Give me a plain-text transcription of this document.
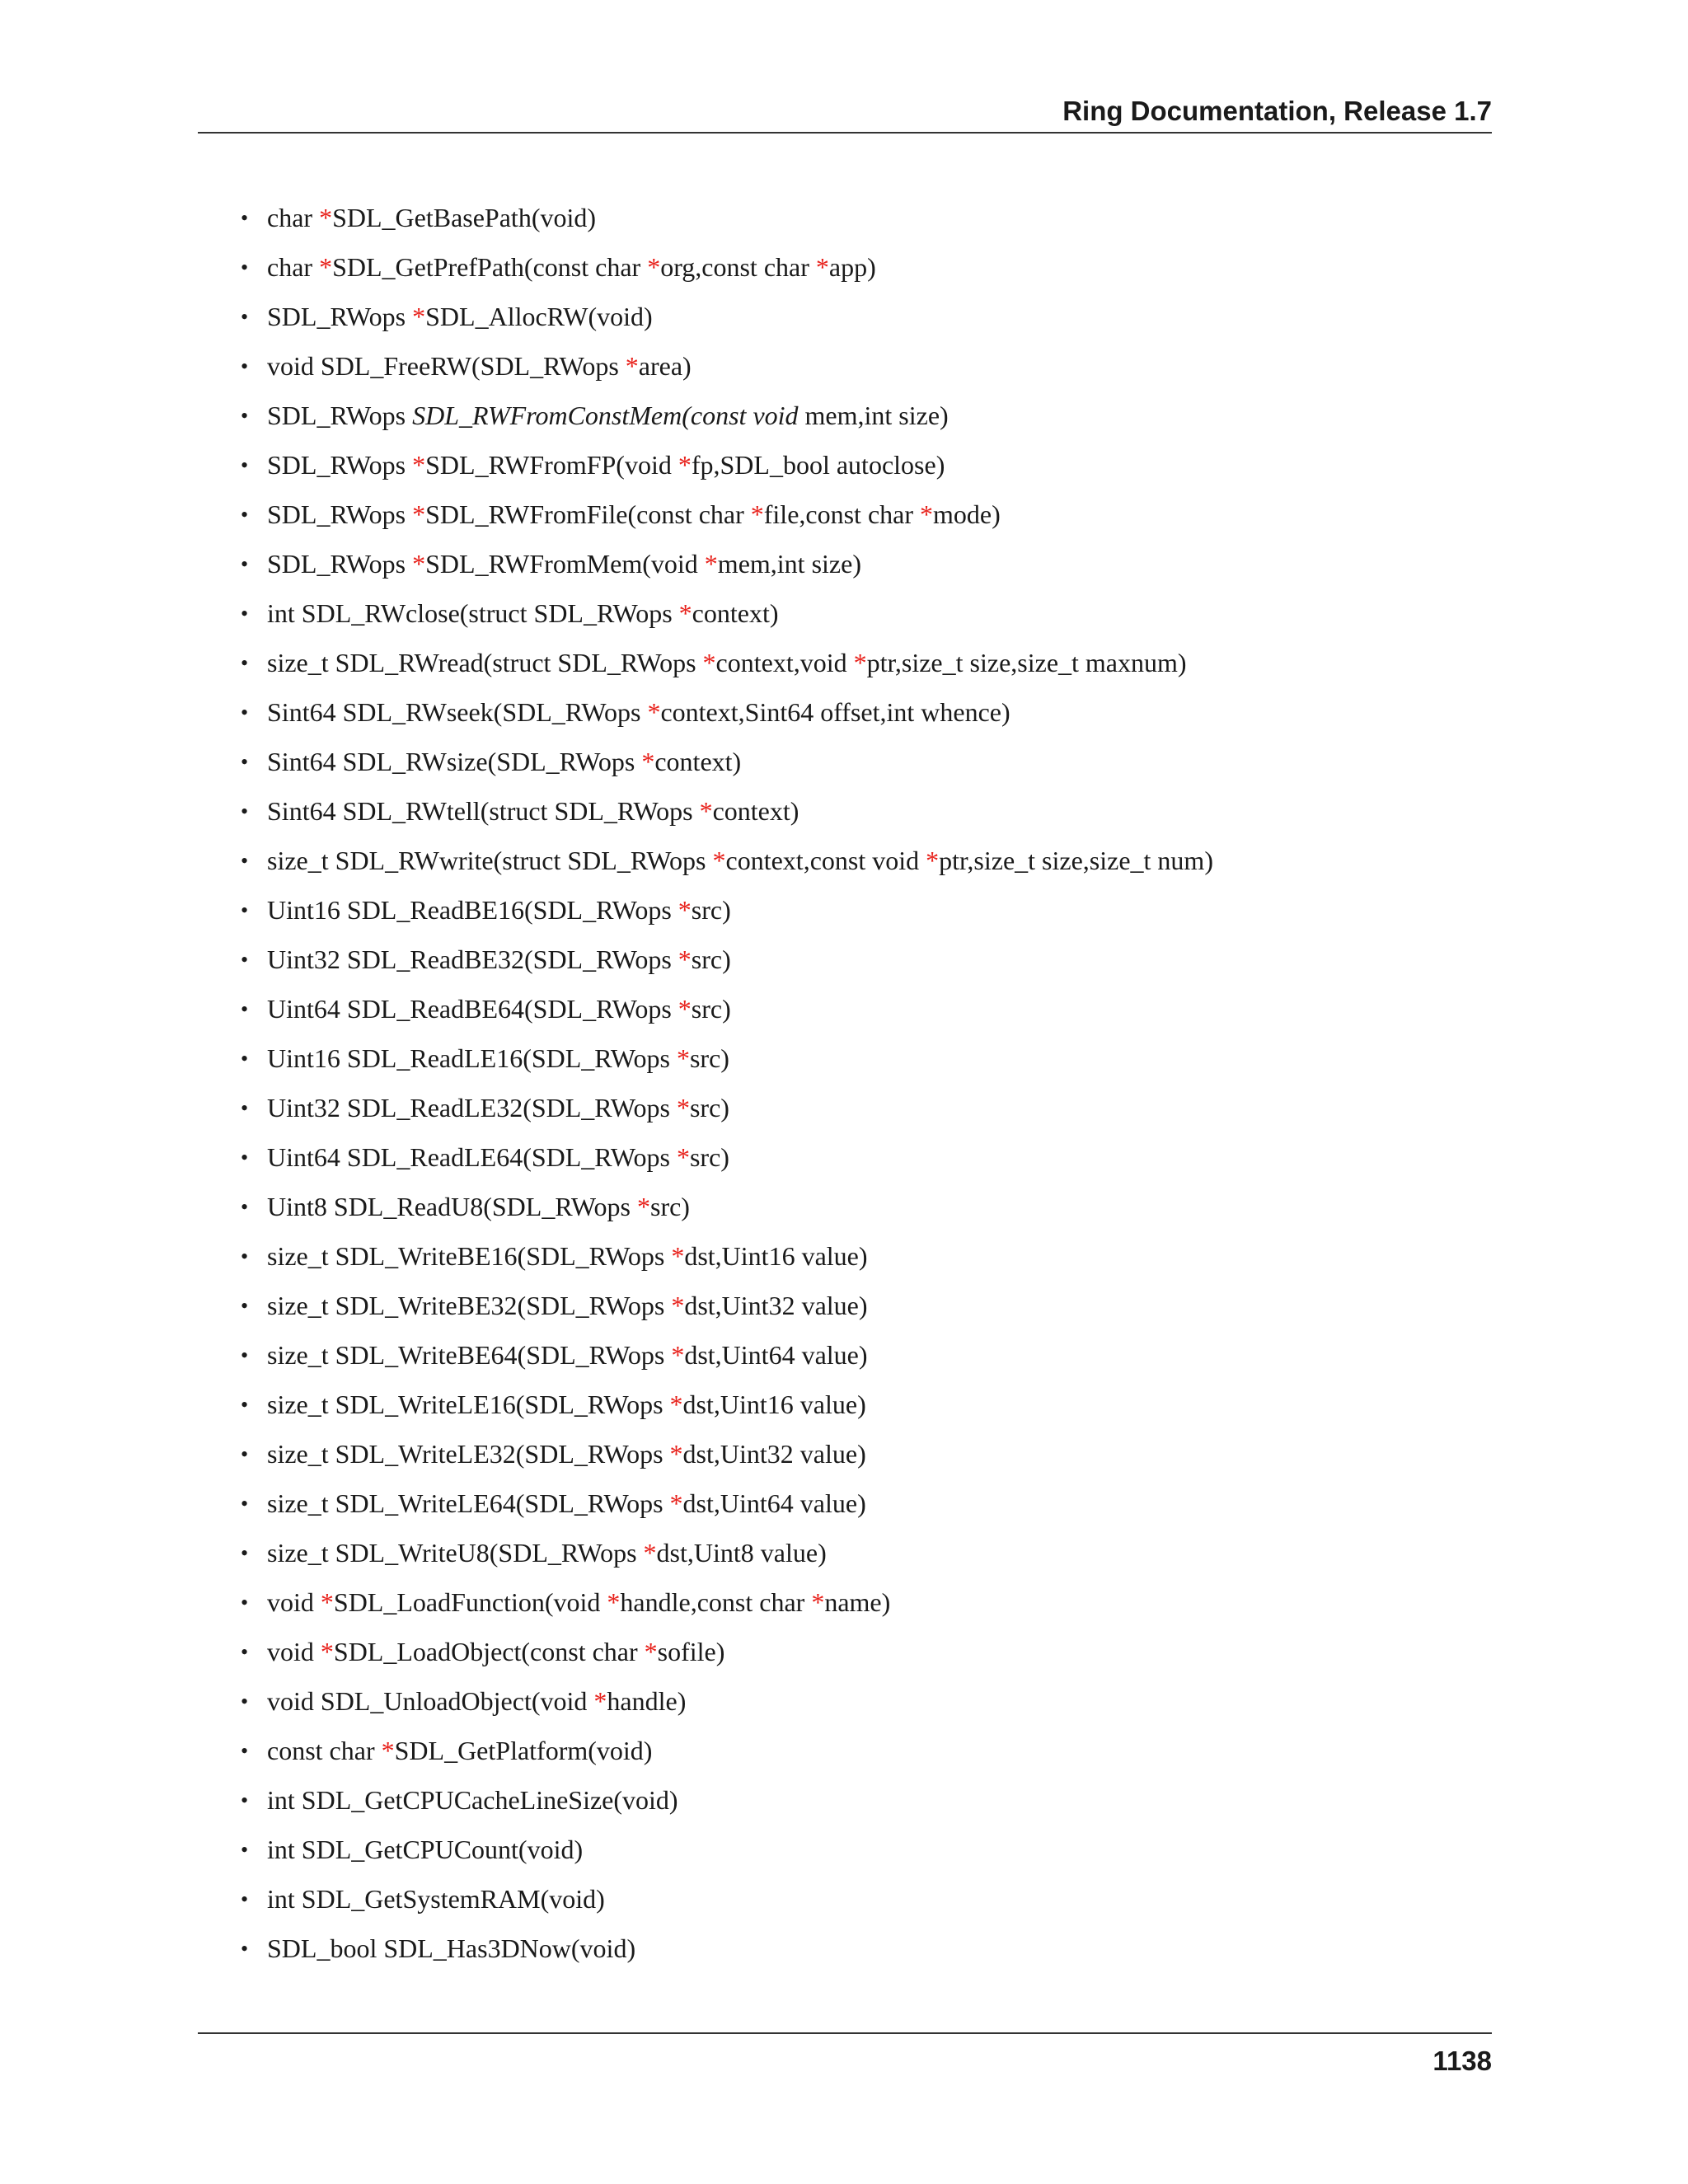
Ring Documentation, Release 1.7
• char *SDL_GetBasePath(void)
• char *SDL_GetPrefPath(const char *org,const char *app)
• SDL_RWops *SDL_AllocRW(void)
• void SDL_FreeRW(SDL_RWops *area)
• SDL_RWops SDL_RWFromConstMem(const void mem,int size)
• SDL_RWops *SDL_RWFromFP(void *fp,SDL_bool autoclose)
• SDL_RWops *SDL_RWFromFile(const char *file,const char *mode)
• SDL_RWops *SDL_RWFromMem(void *mem,int size)
• int SDL_RWclose(struct SDL_RWops *context)
• size_t SDL_RWread(struct SDL_RWops *context,void *ptr,size_t size,size_t maxnum)
• Sint64 SDL_RWseek(SDL_RWops *context,Sint64 offset,int whence)
• Sint64 SDL_RWsize(SDL_RWops *context)
• Sint64 SDL_RWtell(struct SDL_RWops *context)
• size_t SDL_RWwrite(struct SDL_RWops *context,const void *ptr,size_t size,size_t num)
• Uint16 SDL_ReadBE16(SDL_RWops *src)
• Uint32 SDL_ReadBE32(SDL_RWops *src)
• Uint64 SDL_ReadBE64(SDL_RWops *src)
• Uint16 SDL_ReadLE16(SDL_RWops *src)
• Uint32 SDL_ReadLE32(SDL_RWops *src)
• Uint64 SDL_ReadLE64(SDL_RWops *src)
• Uint8 SDL_ReadU8(SDL_RWops *src)
• size_t SDL_WriteBE16(SDL_RWops *dst,Uint16 value)
• size_t SDL_WriteBE32(SDL_RWops *dst,Uint32 value)
• size_t SDL_WriteBE64(SDL_RWops *dst,Uint64 value)
• size_t SDL_WriteLE16(SDL_RWops *dst,Uint16 value)
• size_t SDL_WriteLE32(SDL_RWops *dst,Uint32 value)
• size_t SDL_WriteLE64(SDL_RWops *dst,Uint64 value)
• size_t SDL_WriteU8(SDL_RWops *dst,Uint8 value)
• void *SDL_LoadFunction(void *handle,const char *name)
• void *SDL_LoadObject(const char *sofile)
• void SDL_UnloadObject(void *handle)
• const char *SDL_GetPlatform(void)
• int SDL_GetCPUCacheLineSize(void)
• int SDL_GetCPUCount(void)
• int SDL_GetSystemRAM(void)
• SDL_bool SDL_Has3DNow(void)
1138
